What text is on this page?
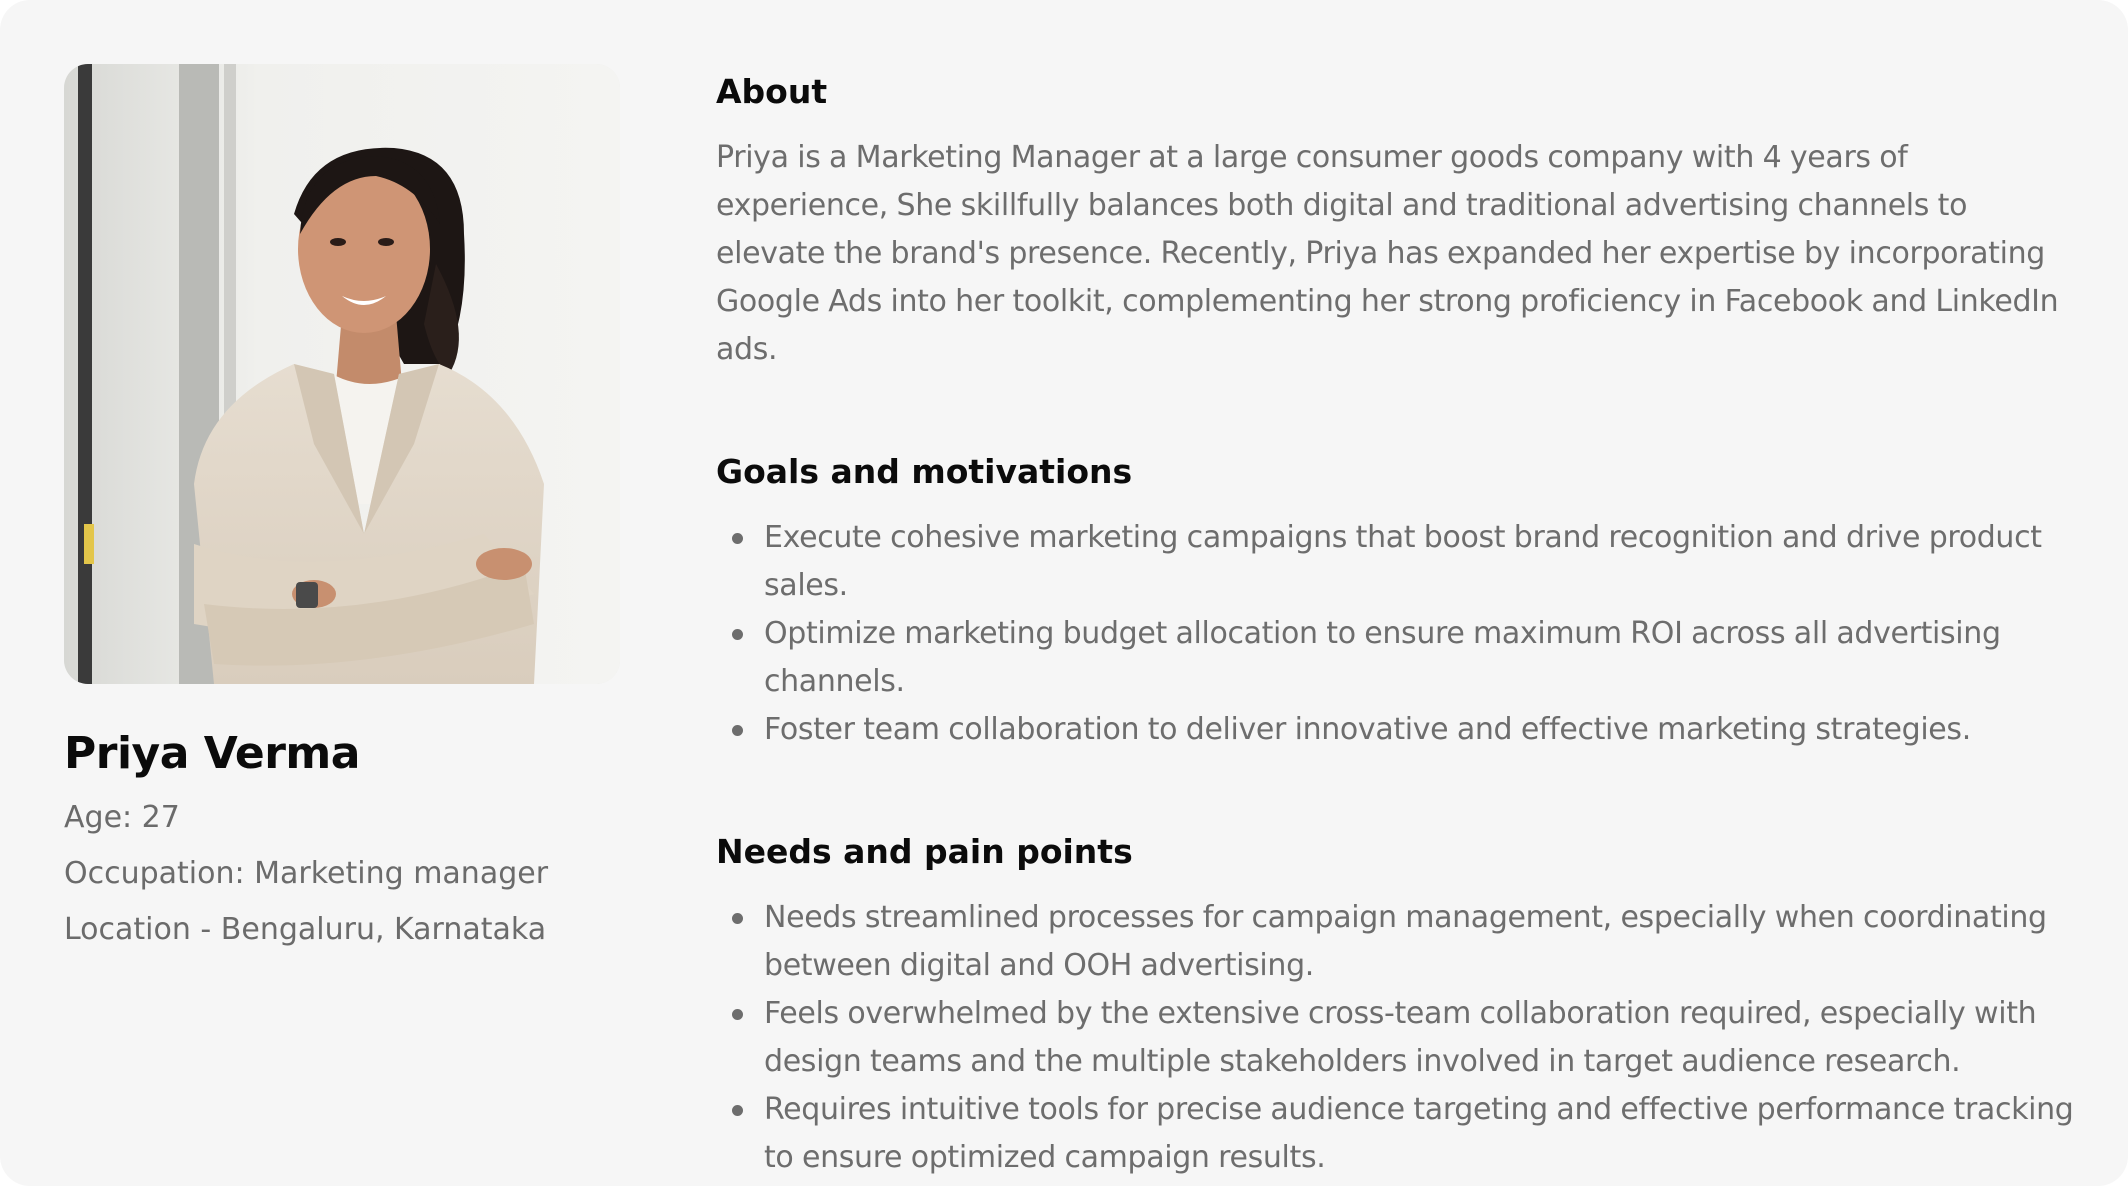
Priya Verma
Age: 27
Occupation: Marketing manager
Location - Bengaluru, Karnataka
About

Priya is a Marketing Manager at a large consumer goods company with 4 years of experience, She skillfully balances both digital and traditional advertising channels to elevate the brand's presence. Recently, Priya has expanded her expertise by incorporating Google Ads into her toolkit, complementing her strong proficiency in Facebook and LinkedIn ads.

Goals and motivations
Execute cohesive marketing campaigns that boost brand recognition and drive product sales.
Optimize marketing budget allocation to ensure maximum ROI across all advertising channels.
Foster team collaboration to deliver innovative and effective marketing strategies.
Needs and pain points
Needs streamlined processes for campaign management, especially when coordinating between digital and OOH advertising.
Feels overwhelmed by the extensive cross-team collaboration required, especially with design teams and the multiple stakeholders involved in target audience research.
Requires intuitive tools for precise audience targeting and effective performance tracking to ensure optimized campaign results.
